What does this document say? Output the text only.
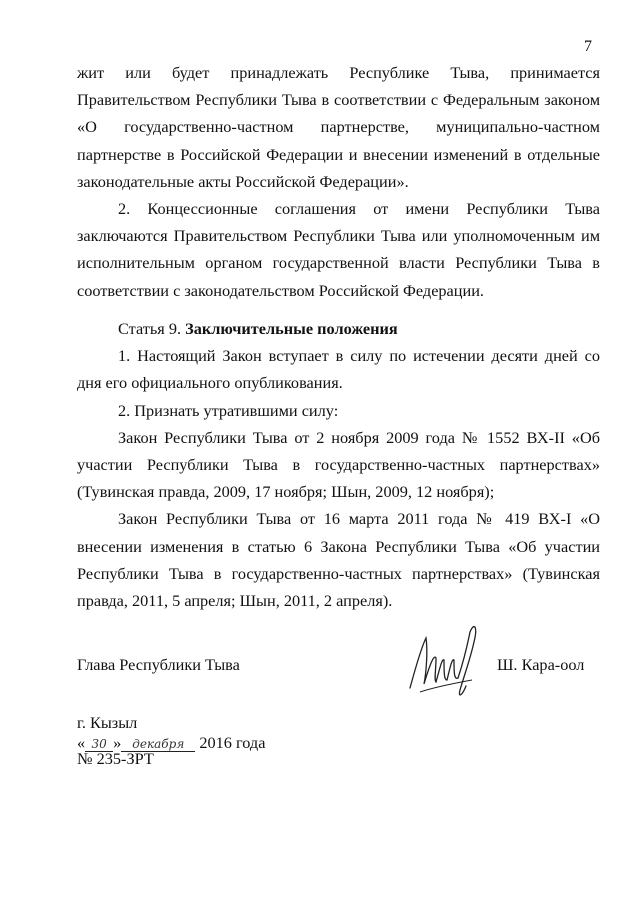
7

жит или будет принадлежать Республике Тыва, принимается Правительством Республики Тыва в соответствии с Федеральным законом «О государственно-частном партнерстве, муниципально-частном партнерстве в Российской Федерации и внесении изменений в отдельные законодательные акты Российской Федерации».

2. Концессионные соглашения от имени Республики Тыва заключаются Правительством Республики Тыва или уполномоченным им исполнительным органом государственной власти Республики Тыва в соответствии с законодательством Российской Федерации.

Статья 9. Заключительные положения

1. Настоящий Закон вступает в силу по истечении десяти дней со дня его официального опубликования.

2. Признать утратившими силу:

Закон Республики Тыва от 2 ноября 2009 года № 1552 ВХ-II «Об участии Республики Тыва в государственно-частных партнерствах» (Тувинская правда, 2009, 17 ноября; Шын, 2009, 12 ноября);

Закон Республики Тыва от 16 марта 2011 года № 419 ВХ-I «О внесении изменения в статью 6 Закона Республики Тыва «Об участии Республики Тыва в государственно-частных партнерствах» (Тувинская правда, 2011, 5 апреля; Шын, 2011, 2 апреля).

Глава Республики Тыва	Ш. Кара-оол
г. Кызыл
« 30 » декабря 2016 года
№ 235-ЗРТ
